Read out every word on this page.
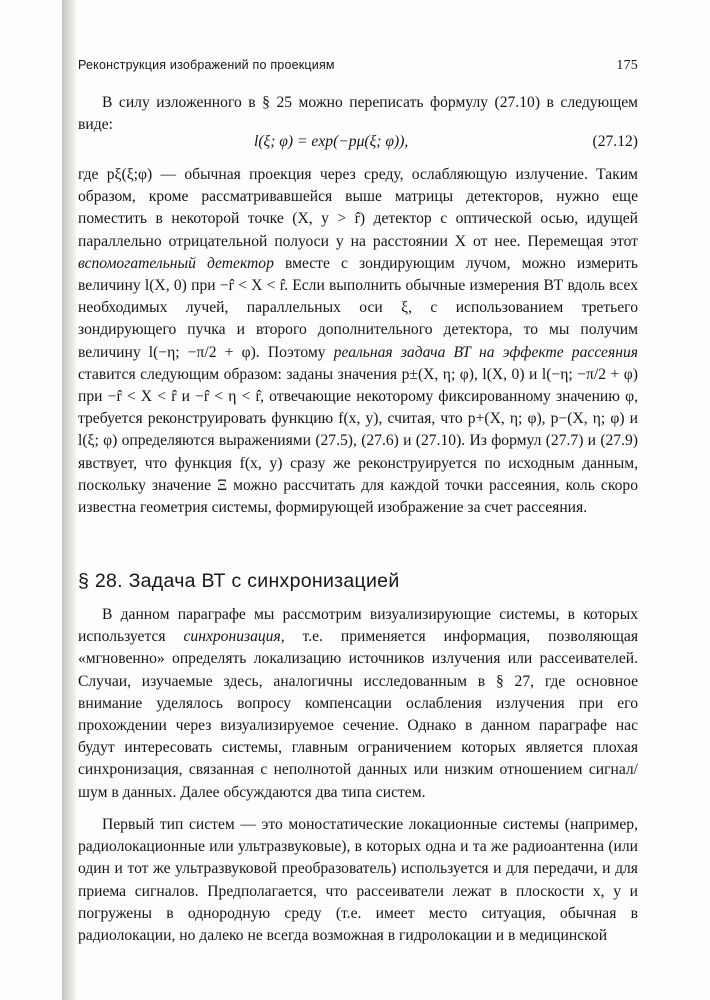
Реконструкция изображений по проекциям	175

В силу изложенного в § 25 можно переписать формулу (27.10) в следующем виде:

l(ξ; φ) = exp(−pμ(ξ; φ)),	(27.12)

где pξ(ξ;φ) — обычная проекция через среду, ослабляющую излучение. Таким образом, кроме рассматривавшейся выше матрицы детекторов, нужно еще поместить в некоторой точке (X, y > r̂) детектор с оптической осью, идущей параллельно отрицательной полуоси y на расстоянии X от нее. Перемещая этот вспомогательный детектор вместе с зондирующим лучом, можно измерить величину l(X, 0) при −r̂ < X < r̂. Если выполнить обычные измерения ВТ вдоль всех необходимых лучей, параллельных оси ξ, с использованием третьего зондирующего пучка и второго дополнительного детектора, то мы получим величину l(−η; −π/2 + φ). Поэтому реальная задача ВТ на эффекте рассеяния ставится следующим образом: заданы значения p±(X, η; φ), l(X, 0) и l(−η; −π/2 + φ) при −r̂ < X < r̂ и −r̂ < η < r̂, отвечающие некоторому фиксированному значению φ, требуется реконструировать функцию f(x, y), считая, что p+(X, η; φ), p−(X, η; φ) и l(ξ; φ) определяются выражениями (27.5), (27.6) и (27.10). Из формул (27.7) и (27.9) явствует, что функция f(x, y) сразу же реконструируется по исходным данным, поскольку значение Ξ можно рассчитать для каждой точки рассеяния, коль скоро известна геометрия системы, формирующей изображение за счет рассеяния.

§ 28. Задача ВТ с синхронизацией

В данном параграфе мы рассмотрим визуализирующие системы, в которых используется синхронизация, т.е. применяется информация, позволяющая «мгновенно» определять локализацию источников излучения или рассеивателей. Случаи, изучаемые здесь, аналогичны исследованным в § 27, где основное внимание уделялось вопросу компенсации ослабления излучения при его прохождении через визуализируемое сечение. Однако в данном параграфе нас будут интересовать системы, главным ограничением которых является плохая синхронизация, связанная с неполнотой данных или низким отношением сигнал/шум в данных. Далее обсуждаются два типа систем.

Первый тип систем — это моностатические локационные системы (например, радиолокационные или ультразвуковые), в которых одна и та же радиоантенна (или один и тот же ультразвуковой преобразователь) используется и для передачи, и для приема сигналов. Предполагается, что рассеиватели лежат в плоскости x, y и погружены в однородную среду (т.е. имеет место ситуация, обычная в радиолокации, но далеко не всегда возможная в гидролокации и в медицинской
